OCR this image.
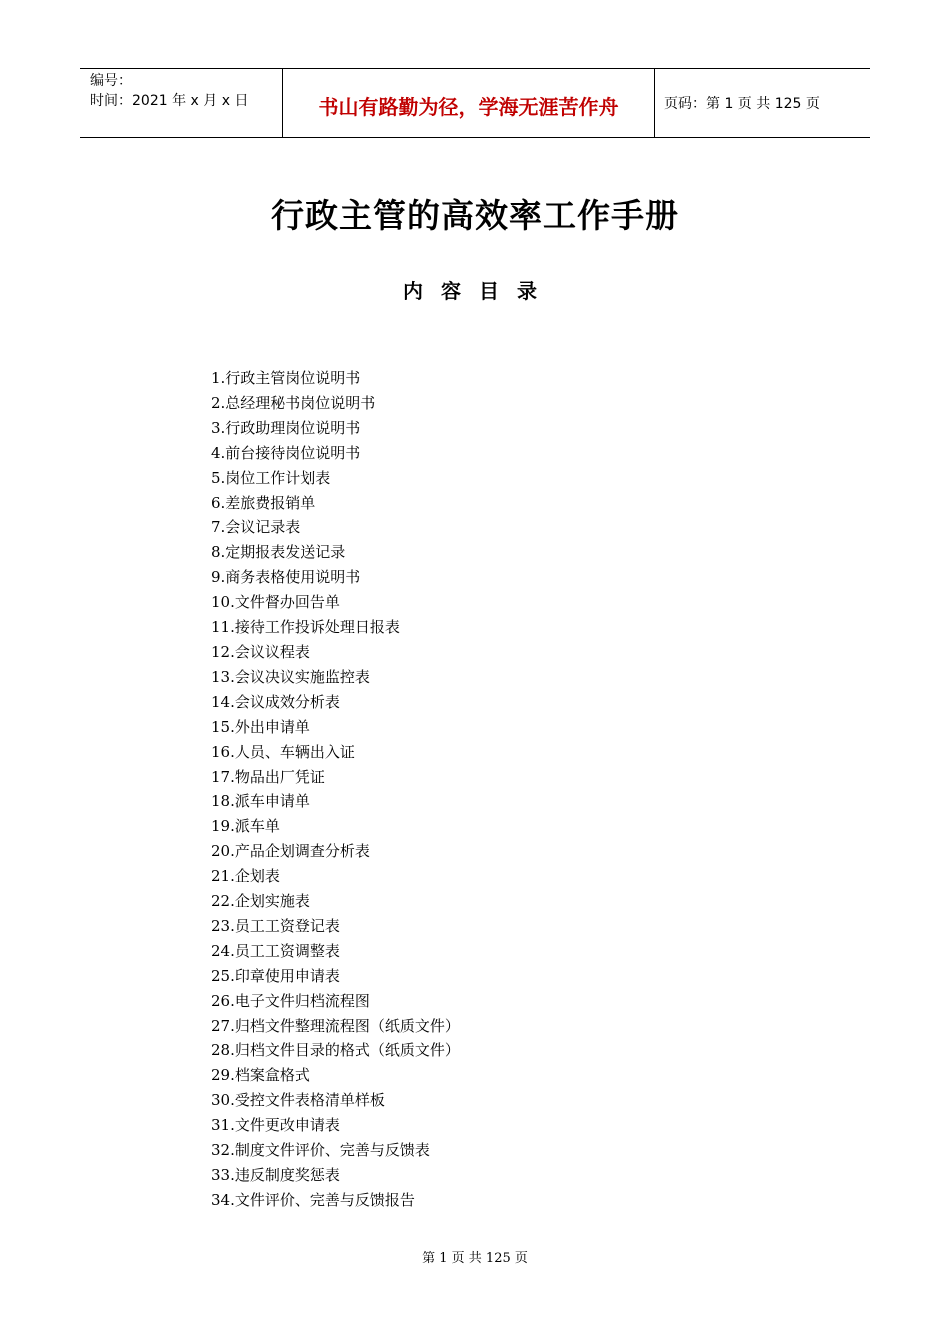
编号：
时间：2021 年 x 月 x 日	书山有路勤为径，学海无涯苦作舟	页码：第 1 页 共 125 页
行政主管的高效率工作手册
内容目录
1.行政主管岗位说明书
2.总经理秘书岗位说明书
3.行政助理岗位说明书
4.前台接待岗位说明书
5.岗位工作计划表
6.差旅费报销单
7.会议记录表
8.定期报表发送记录
9.商务表格使用说明书
10.文件督办回告单
11.接待工作投诉处理日报表
12.会议议程表
13.会议决议实施监控表
14.会议成效分析表
15.外出申请单
16.人员、车辆出入证
17.物品出厂凭证
18.派车申请单
19.派车单
20.产品企划调查分析表
21.企划表
22.企划实施表
23.员工工资登记表
24.员工工资调整表
25.印章使用申请表
26.电子文件归档流程图
27.归档文件整理流程图（纸质文件）
28.归档文件目录的格式（纸质文件）
29.档案盒格式
30.受控文件表格清单样板
31.文件更改申请表
32.制度文件评价、完善与反馈表
33.违反制度奖惩表
34.文件评价、完善与反馈报告
第 1 页 共 125 页
